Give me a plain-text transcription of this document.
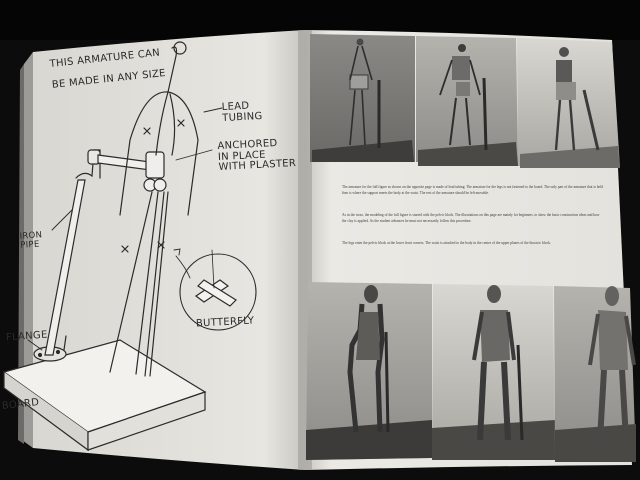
THIS ARMATURE CAN

BE MADE IN ANY SIZE

LEAD
TUBING
ANCHORED
IN PLACE
WITH PLASTER
IRON
PIPE
FLANGE
BOARD
BUTTERFLY
The armature for the full figure as shown on the opposite page is made of lead tubing. The armature for the legs is not fastened to the board. The only part of the armature that is held firm is where the support meets the body at the waist. The rest of the armature should be left movable.
As in the torso, the modeling of the full figure is started with the pelvic block. The illustrations on this page are mainly for beginners, to show the basic construction ideas and how the clay is applied. As the student advances he must not necessarily follow this procedure.
The legs enter the pelvic block at the lower front corners. The waist is attached to the body in the center of the upper planes of the thoracic block.
